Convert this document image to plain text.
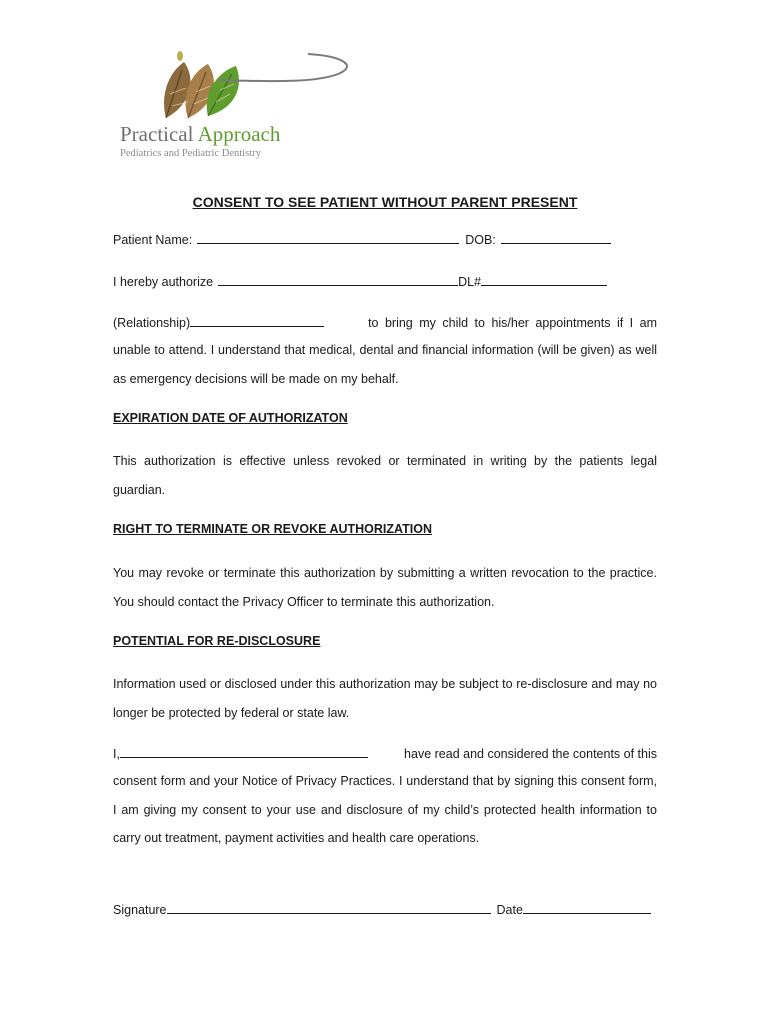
Practical Approach
Pediatrics and Pediatric Dentistry
CONSENT TO SEE PATIENT WITHOUT PARENT PRESENT
Patient Name:	DOB:
I hereby authorize	DL#
(Relationship)	to bring my child to his/her appointments if I am

unable to attend. I understand that medical, dental and financial information (will be given) as well as emergency decisions will be made on my behalf.

EXPIRATION DATE OF AUTHORIZATON

This authorization is effective unless revoked or terminated in writing by the patients legal guardian.

RIGHT TO TERMINATE OR REVOKE AUTHORIZATION

You may revoke or terminate this authorization by submitting a written revocation to the practice. You should contact the Privacy Officer to terminate this authorization.

POTENTIAL FOR RE-DISCLOSURE

Information used or disclosed under this authorization may be subject to re-disclosure and may no longer be protected by federal or state law.

I,	have read and considered the contents of this

consent form and your Notice of Privacy Practices. I understand that by signing this consent form, I am giving my consent to your use and disclosure of my child’s protected health information to carry out treatment, payment activities and health care operations.

Signature	Date
